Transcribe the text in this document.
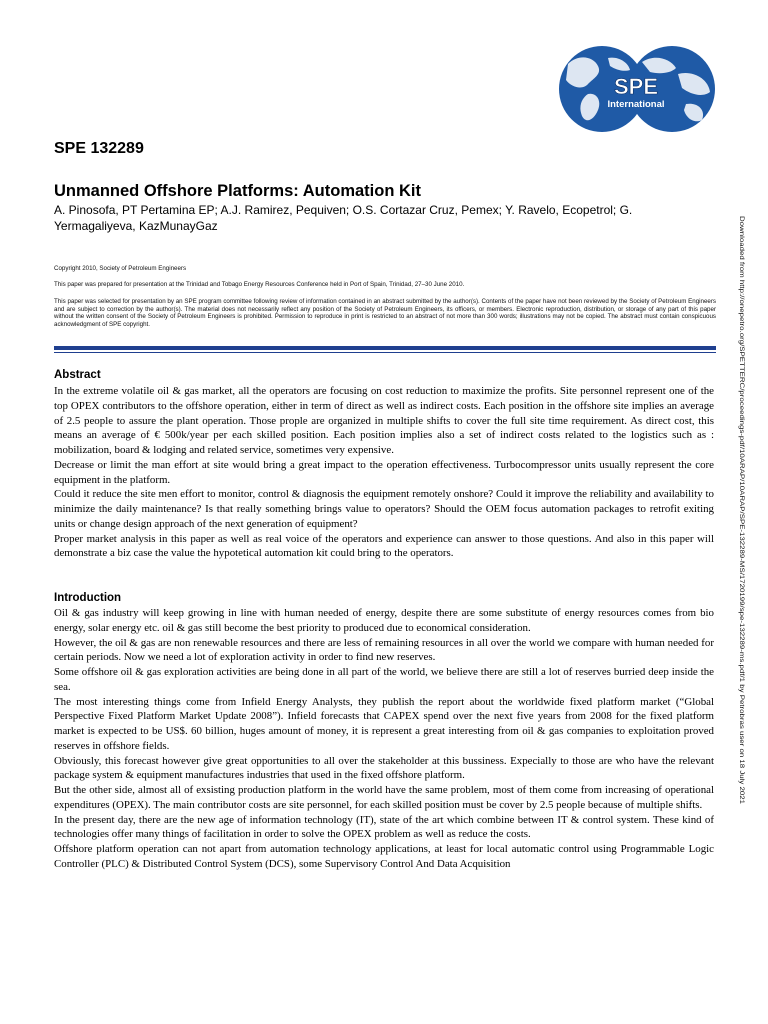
SPE
International
SPE 132289
Unmanned Offshore Platforms: Automation Kit
A. Pinosofa, PT Pertamina EP; A.J. Ramirez, Pequiven; O.S. Cortazar Cruz, Pemex; Y. Ravelo, Ecopetrol; G. Yermagaliyeva, KazMunayGaz
Copyright 2010, Society of Petroleum Engineers
This paper was prepared for presentation at the Trinidad and Tobago Energy Resources Conference held in Port of Spain, Trinidad, 27–30 June 2010.
This paper was selected for presentation by an SPE program committee following review of information contained in an abstract submitted by the author(s). Contents of the paper have not been reviewed by the Society of Petroleum Engineers and are subject to correction by the author(s). The material does not necessarily reflect any position of the Society of Petroleum Engineers, its officers, or members. Electronic reproduction, distribution, or storage of any part of this paper without the written consent of the Society of Petroleum Engineers is prohibited. Permission to reproduce in print is restricted to an abstract of not more than 300 words; illustrations may not be copied. The abstract must contain conspicuous acknowledgment of SPE copyright.
Abstract

In the extreme volatile oil & gas market, all the operators are focusing on cost reduction to maximize the profits. Site personnel represent one of the top OPEX contributors to the offshore operation, either in term of direct as well as indirect costs. Each position in the offshore site implies an average of 2.5 people to assure the plant operation. Those prople are organized in multiple shifts to cover the full site time requirement. As direct cost, this means an average of € 500k/year per each skilled position. Each position implies also a set of indirect costs related to the logistics such as : mobilization, board & lodging and related service, sometimes very expensive.

Decrease or limit the man effort at site would bring a great impact to the operation effectiveness. Turbocompressor units usually represent the core equipment in the platform.

Could it reduce the site men effort to monitor, control & diagnosis the equipment remotely onshore? Could it improve the reliability and availability to minimize the daily maintenance? Is that really something brings value to operators? Should the OEM focus automation packages to retrofit exiting units or change design approach of the next generation of equipment?

Proper market analysis in this paper as well as real voice of the operators and experience can answer to those questions. And also in this paper will demonstrate a biz case the value the hypotetical automation kit could bring to the operators.

Introduction

Oil & gas industry will keep growing in line with human needed of energy, despite there are some substitute of energy resources comes from bio energy, solar energy etc. oil & gas still become the best priority to produced due to economical consideration.

However, the oil & gas are non renewable resources and there are less of remaining resources in all over the world we compare with human needed for certain periods. Now we need a lot of exploration activity in order to find new reserves.

Some offshore oil & gas exploration activities are being done in all part of the world, we believe there are still a lot of reserves burried deep inside the sea.

The most interesting things come from Infield Energy Analysts, they publish the report about the worldwide fixed platform market (“Global Perspective Fixed Platform Market Update 2008”). Infield forecasts that CAPEX spend over the next five years from 2008 for the fixed platform market is expected to be US$. 60 billion, huges amount of money, it is represent a great interesting from oil & gas companies to exploitation proved reserves in offshore fields.

Obviously, this forecast however give great opportunities to all over the stakeholder at this bussiness. Expecially to those are who have the relevant package system & equipment manufactures industries that used in the fixed offshore platform.

But the other side, almost all of exsisting production platform in the world have the same problem, most of them come from increasing of operational expenditures (OPEX). The main contributor costs are site personnel, for each skilled position must be cover by 2.5 people because of multiple shifts.

In the present day, there are the new age of information technology (IT), state of the art which combine between IT & control system. These kind of technologies offer many things of facilitation in order to solve the OPEX problem as well as reduce the costs.

Offshore platform operation can not apart from automation technology applications, at least for local automatic control using Programmable Logic Controller (PLC) & Distributed Control System (DCS), some Supervisory Control And Data Acquisition

Downloaded from http://onepetro.org/SPETTERC/proceedings-pdf/10ARAP/10ARAP/SPE-132289-MS/1720199/spe-132289-ms.pdf/1 by Petrobras user on 18 July 2021
